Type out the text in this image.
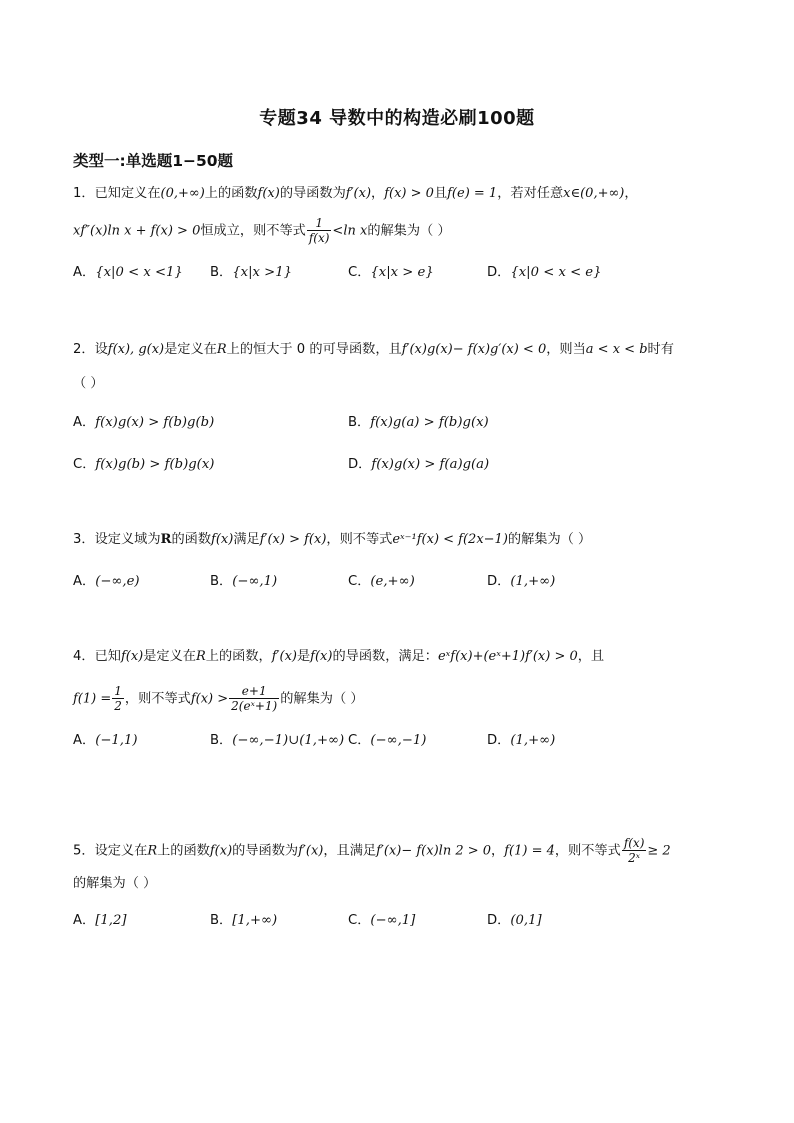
专题34 导数中的构造必刷100题
类型一:单选题1−50题
1．已知定义在(0,+∞)上的函数f(x)的导函数为f′(x)，f(x) > 0且f(e) = 1，若对任意x∈(0,+∞)，
xf″(x)ln x + f(x) > 0恒成立，则不等式 $\frac{1}{f(x)} <\ln$ x的解集为（ ）
A．{x|0 < x <1} B．{x|x >1}	C．{x|x > e}	D．{x|0 < x < e}
2．设f(x), g(x)是定义在R上的恒大于 0 的可导函数，且f′(x)g(x)− f(x)g′(x) < 0，则当a < x < b时有
（ ）
A．f(x)g(x) > f(b)g(b)	B．f(x)g(a) > f(b)g(x)
C．f(x)g(b) > f(b)g(x)	D．f(x)g(x) > f(a)g(a)
3．设定义域为R的函数f(x)满足f′(x) > f(x)，则不等式eˣ⁻¹f(x) < f(2x−1)的解集为（ ）
A．(−∞,e)	B．(−∞,1)	C．(e,+∞)	D．(1,+∞)
4．已知f(x)是定义在R上的函数，f′(x)是f(x)的导函数，满足：eˣf(x)+(eˣ+1)f′(x) > 0，且
$f(1) = \frac{1}{2}$ ，则不等式$f(x) > \frac{e+1}{\text{2(eˣ+1)}}$ 的解集为（ ）
A．(−1,1)	B．(−∞,−1)∪(1,+∞) C．(−∞,−1)	D．(1,+∞)
5．设定义在R上的函数f(x)的导函数为f′(x)，且满足f′(x)− f(x)ln 2 > 0，f(1) = 4，则不等式 $\frac{f(x)}{\text{2ˣ}} \ge 2$
的解集为（ ）
A．[1,2]	B．[1,+∞)	C．(−∞,1]	D．(0,1]
